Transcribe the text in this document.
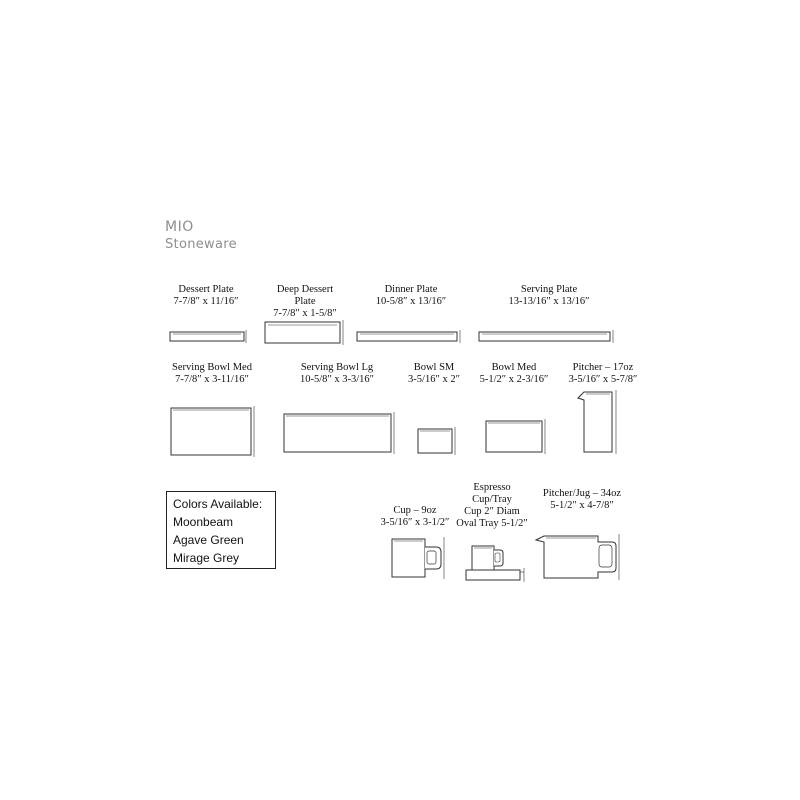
MIO
Stoneware
Dessert Plate
7-7/8″ x 11/16″
Deep Dessert
Plate
7-7/8″ x 1-5/8″
Dinner Plate
10-5/8″ x 13/16″
Serving Plate
13-13/16″ x 13/16″
Serving Bowl Med
7-7/8″ x 3-11/16″
Serving Bowl Lg
10-5/8″ x 3-3/16″
Bowl SM
3-5/16″ x 2″
Bowl Med
5-1/2″ x 2-3/16″
Pitcher – 17oz
3-5/16″ x 5-7/8″
Cup – 9oz
3-5/16″ x 3-1/2″
Espresso
Cup/Tray
Cup 2″ Diam
Oval Tray 5-1/2″
Pitcher/Jug – 34oz
5-1/2″ x 4-7/8″
Colors Available:
Moonbeam
Agave Green
Mirage Grey
